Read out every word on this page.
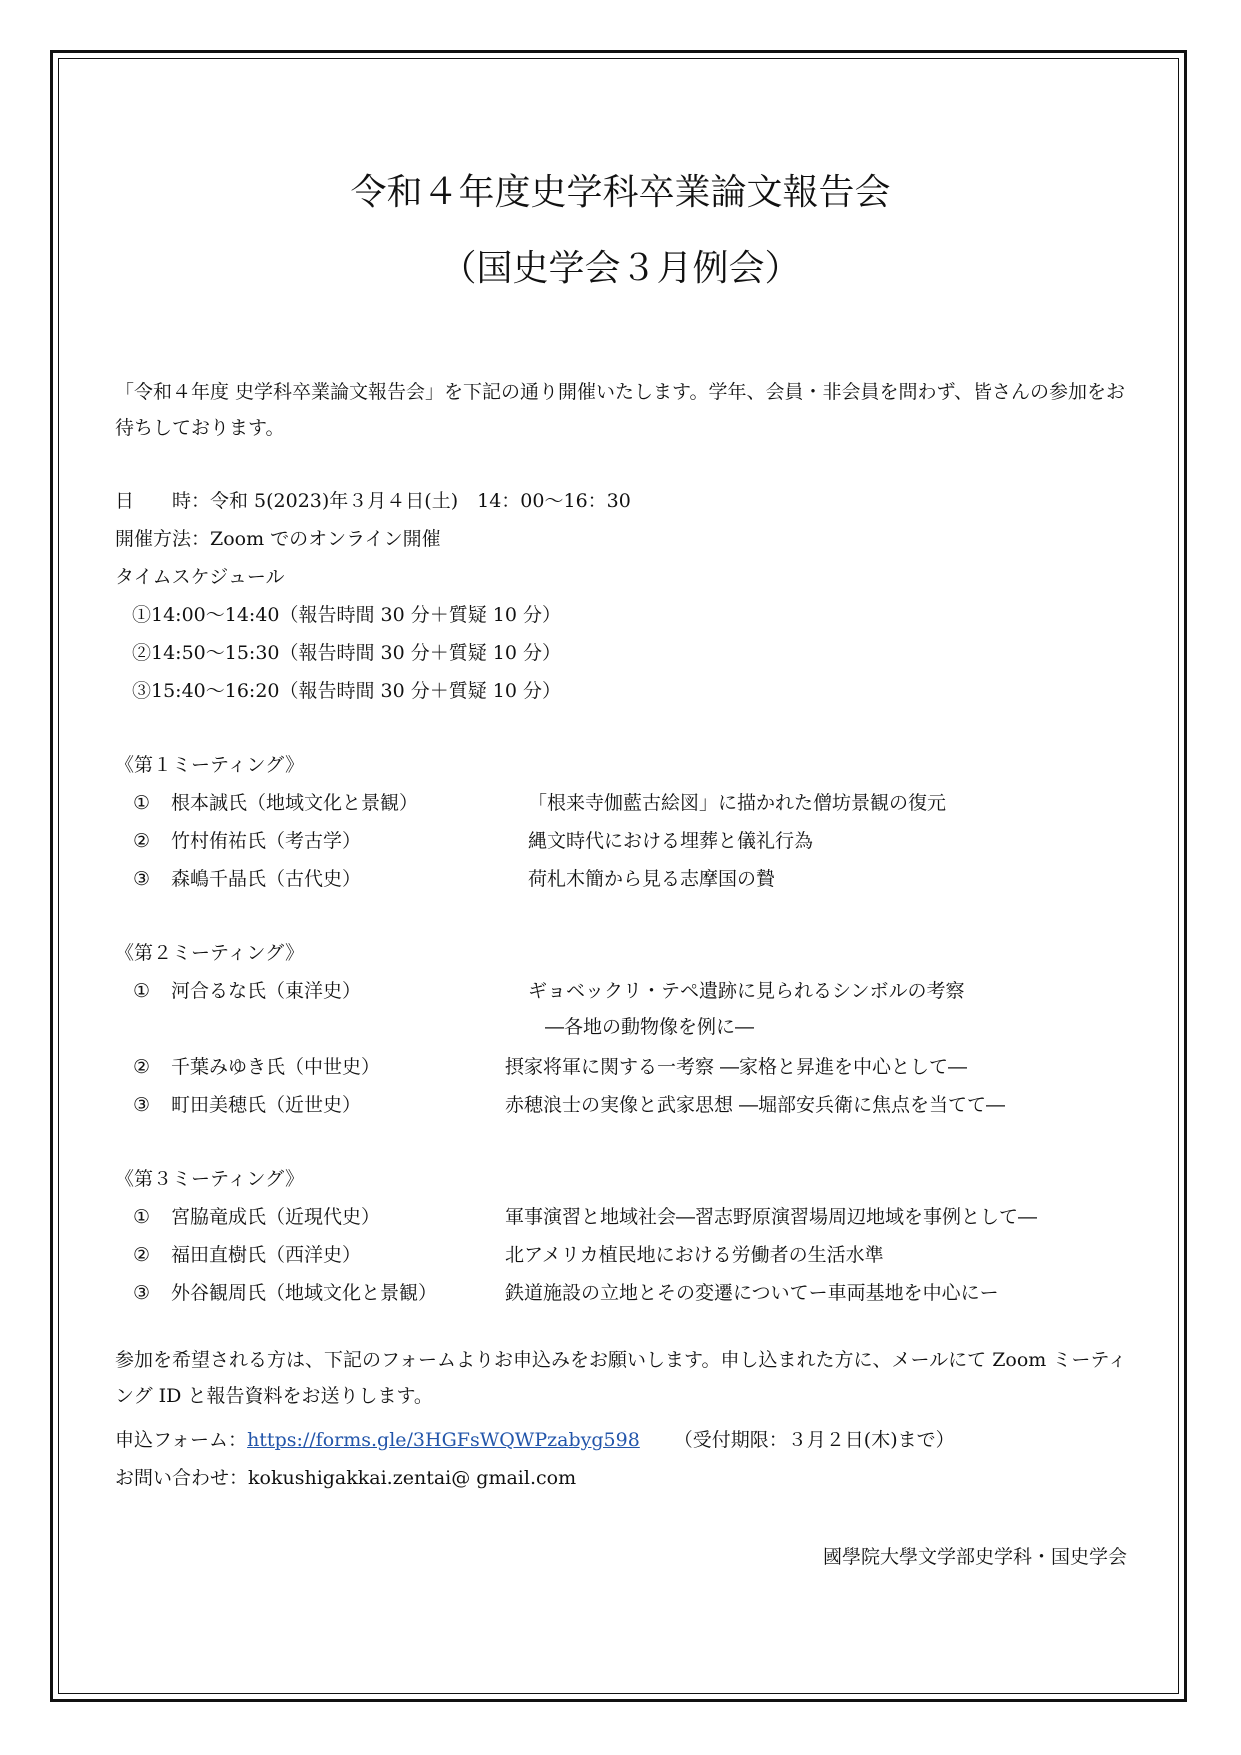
令和４年度史学科卒業論文報告会
（国史学会３月例会）

「令和４年度 史学科卒業論文報告会」を下記の通り開催いたします。学年、会員・非会員を問わず、皆さんの参加をお待ちしております。

日　　時：令和 5(2023)年３月４日(土)　14：00～16：30
開催方法：Zoom でのオンライン開催
タイムスケジュール
①14:00～14:40（報告時間 30 分＋質疑 10 分）
②14:50～15:30（報告時間 30 分＋質疑 10 分）
③15:40～16:20（報告時間 30 分＋質疑 10 分）
《第１ミーティング》
① 根本誠氏（地域文化と景観）	「根来寺伽藍古絵図」に描かれた僧坊景観の復元
② 竹村侑祐氏（考古学）	縄文時代における埋葬と儀礼行為
③ 森嶋千晶氏（古代史）	荷札木簡から見る志摩国の贄
《第２ミーティング》
① 河合るな氏（東洋史）	ギョベックリ・テペ遺跡に見られるシンボルの考察
―各地の動物像を例に―
② 千葉みゆき氏（中世史）	摂家将軍に関する一考察 ―家格と昇進を中心として―
③ 町田美穂氏（近世史）	赤穂浪士の実像と武家思想 ―堀部安兵衛に焦点を当てて―
《第３ミーティング》
① 宮脇竜成氏（近現代史）	軍事演習と地域社会―習志野原演習場周辺地域を事例として―
② 福田直樹氏（西洋史）	北アメリカ植民地における労働者の生活水準
③ 外谷観周氏（地域文化と景観）	鉄道施設の立地とその変遷についてー車両基地を中心にー

参加を希望される方は、下記のフォームよりお申込みをお願いします。申し込まれた方に、メールにて Zoom ミーティング ID と報告資料をお送りします。

申込フォーム：https://forms.gle/3HGFsWQWPzabyg598 （受付期限：３月２日(木)まで）
お問い合わせ：kokushigakkai.zentai@ gmail.com
國學院大學文学部史学科・国史学会
